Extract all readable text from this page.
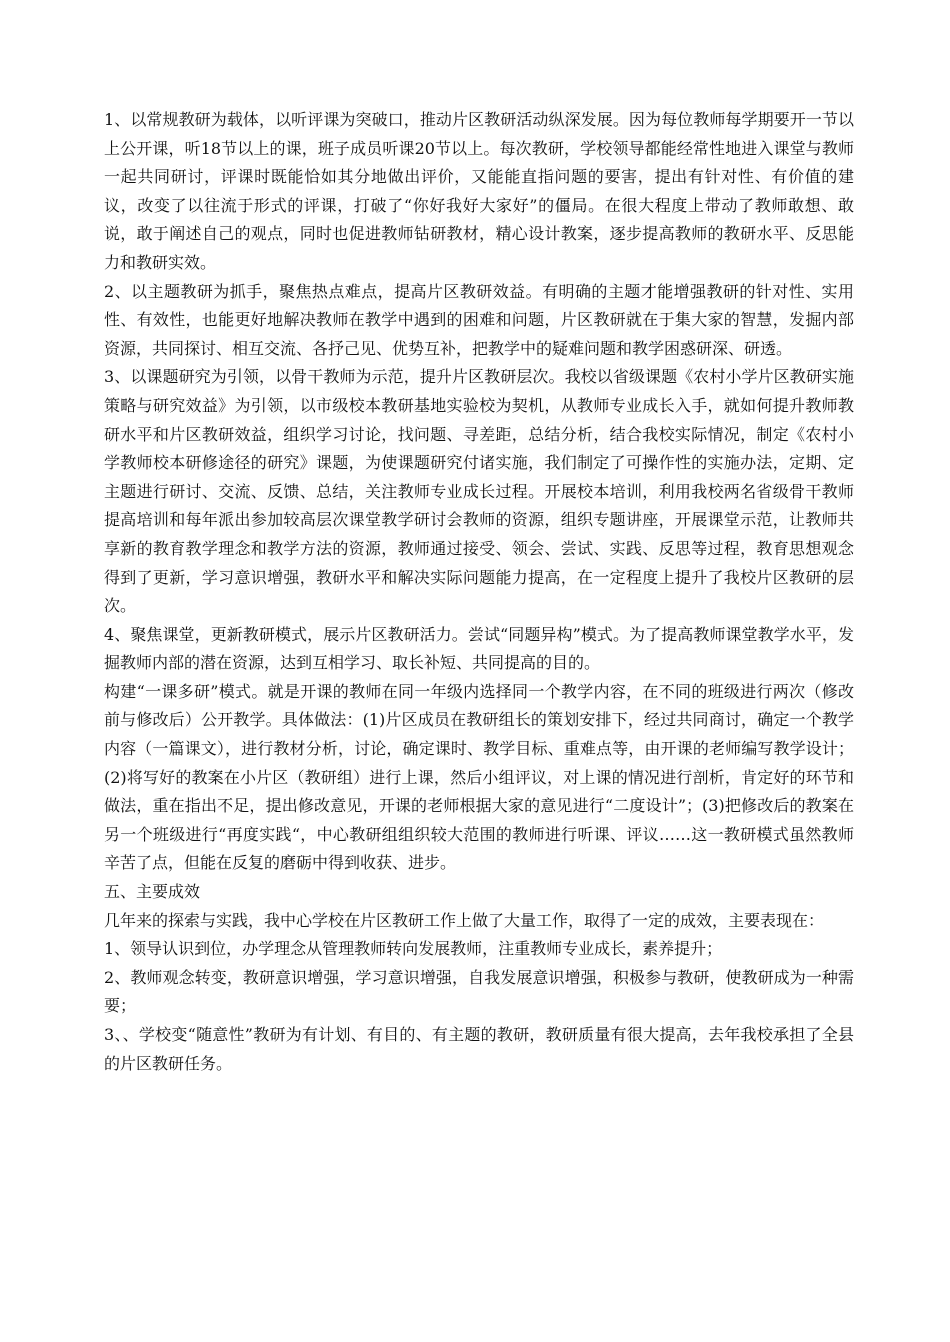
1、以常规教研为载体，以听评课为突破口，推动片区教研活动纵深发展。因为每位教师每学期要开一节以上公开课，听18节以上的课，班子成员听课20节以上。每次教研，学校领导都能经常性地进入课堂与教师一起共同研讨，评课时既能恰如其分地做出评价，又能能直指问题的要害，提出有针对性、有价值的建议，改变了以往流于形式的评课，打破了“你好我好大家好”的僵局。在很大程度上带动了教师敢想、敢说，敢于阐述自己的观点，同时也促进教师钻研教材，精心设计教案，逐步提高教师的教研水平、反思能力和教研实效。

2、以主题教研为抓手，聚焦热点难点，提高片区教研效益。有明确的主题才能增强教研的针对性、实用性、有效性，也能更好地解决教师在教学中遇到的困难和问题，片区教研就在于集大家的智慧，发掘内部资源，共同探讨、相互交流、各抒己见、优势互补，把教学中的疑难问题和教学困惑研深、研透。

3、以课题研究为引领，以骨干教师为示范，提升片区教研层次。我校以省级课题《农村小学片区教研实施策略与研究效益》为引领，以市级校本教研基地实验校为契机，从教师专业成长入手，就如何提升教师教研水平和片区教研效益，组织学习讨论，找问题、寻差距，总结分析，结合我校实际情况，制定《农村小学教师校本研修途径的研究》课题，为使课题研究付诸实施，我们制定了可操作性的实施办法，定期、定主题进行研讨、交流、反馈、总结，关注教师专业成长过程。开展校本培训，利用我校两名省级骨干教师提高培训和每年派出参加较高层次课堂教学研讨会教师的资源，组织专题讲座，开展课堂示范，让教师共享新的教育教学理念和教学方法的资源，教师通过接受、领会、尝试、实践、反思等过程，教育思想观念得到了更新，学习意识增强，教研水平和解决实际问题能力提高，在一定程度上提升了我校片区教研的层次。

4、聚焦课堂，更新教研模式，展示片区教研活力。尝试“同题异构”模式。为了提高教师课堂教学水平，发掘教师内部的潜在资源，达到互相学习、取长补短、共同提高的目的。

构建“一课多研”模式。就是开课的教师在同一年级内选择同一个教学内容，在不同的班级进行两次（修改前与修改后）公开教学。具体做法：(1)片区成员在教研组长的策划安排下，经过共同商讨，确定一个教学内容（一篇课文），进行教材分析，讨论，确定课时、教学目标、重难点等，由开课的老师编写教学设计；(2)将写好的教案在小片区（教研组）进行上课，然后小组评议，对上课的情况进行剖析，肯定好的环节和做法，重在指出不足，提出修改意见，开课的老师根据大家的意见进行“二度设计”；(3)把修改后的教案在另一个班级进行“再度实践“，中心教研组组织较大范围的教师进行听课、评议……这一教研模式虽然教师辛苦了点，但能在反复的磨砺中得到收获、进步。

五、主要成效

几年来的探索与实践，我中心学校在片区教研工作上做了大量工作，取得了一定的成效，主要表现在：

1、领导认识到位，办学理念从管理教师转向发展教师，注重教师专业成长，素养提升；

2、教师观念转变，教研意识增强，学习意识增强，自我发展意识增强，积极参与教研，使教研成为一种需要；

3、、学校变“随意性”教研为有计划、有目的、有主题的教研，教研质量有很大提高，去年我校承担了全县的片区教研任务。
